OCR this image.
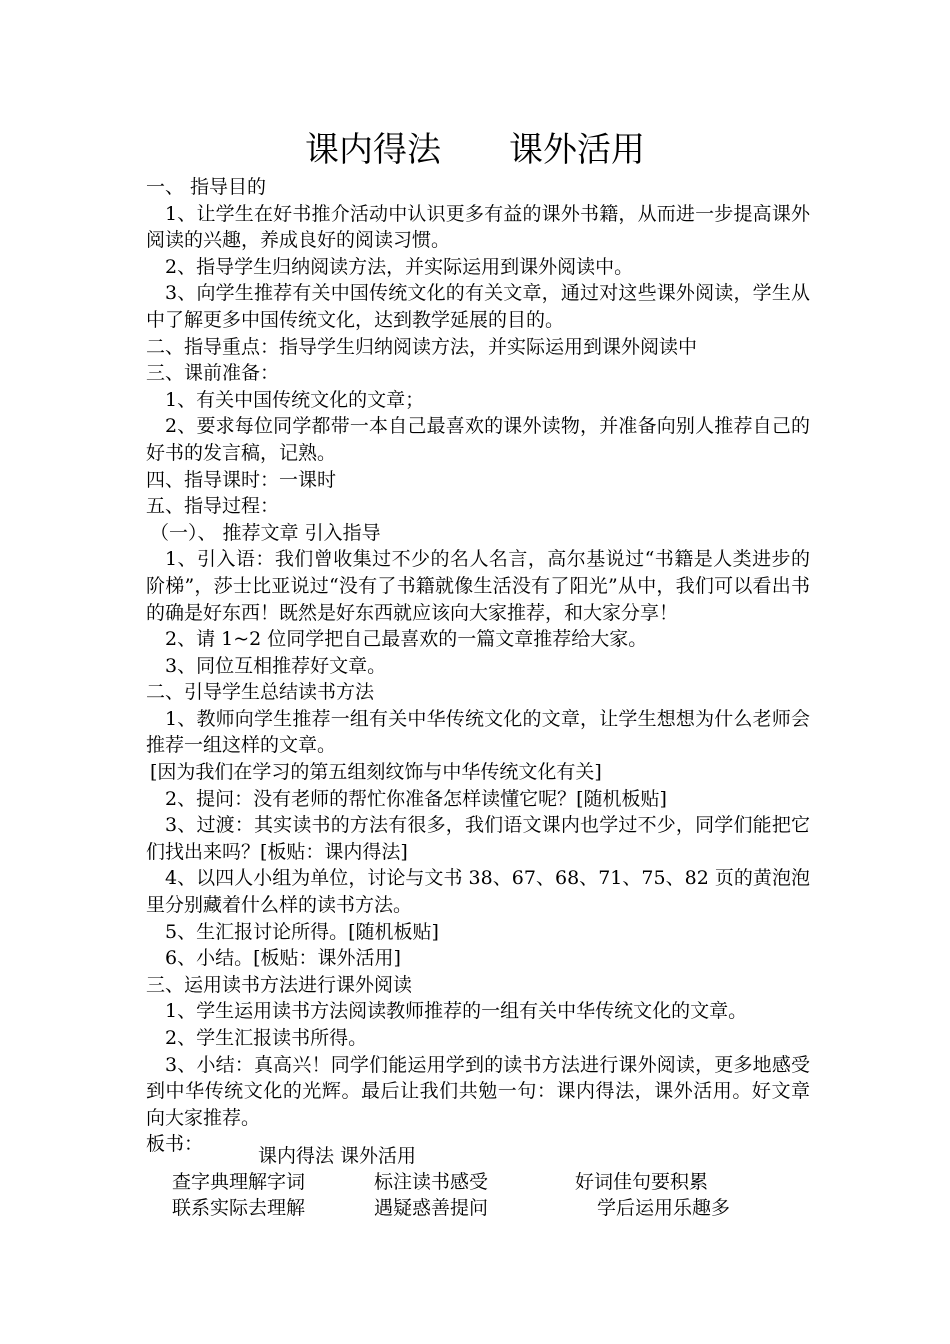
课内得法　　课外活用

一、 指导目的

1、让学生在好书推介活动中认识更多有益的课外书籍，从而进一步提高课外阅读的兴趣，养成良好的阅读习惯。

2、指导学生归纳阅读方法，并实际运用到课外阅读中。

3、向学生推荐有关中国传统文化的有关文章，通过对这些课外阅读，学生从中了解更多中国传统文化，达到教学延展的目的。

二、指导重点：指导学生归纳阅读方法，并实际运用到课外阅读中

三、课前准备：

1、有关中国传统文化的文章；

2、要求每位同学都带一本自己最喜欢的课外读物，并准备向别人推荐自己的好书的发言稿，记熟。

四、指导课时：一课时

五、指导过程：

（一）、 推荐文章 引入指导

1、引入语：我们曾收集过不少的名人名言，高尔基说过“书籍是人类进步的阶梯”，莎士比亚说过“没有了书籍就像生活没有了阳光”从中，我们可以看出书的确是好东西！既然是好东西就应该向大家推荐，和大家分享！

2、请 1~2 位同学把自己最喜欢的一篇文章推荐给大家。

3、同位互相推荐好文章。

二、引导学生总结读书方法

1、教师向学生推荐一组有关中华传统文化的文章，让学生想想为什么老师会推荐一组这样的文章。

[因为我们在学习的第五组刻纹饰与中华传统文化有关]

2、提问：没有老师的帮忙你准备怎样读懂它呢？[随机板贴]

3、过渡：其实读书的方法有很多，我们语文课内也学过不少，同学们能把它们找出来吗？[板贴：课内得法]

4、以四人小组为单位，讨论与文书 38、67、68、71、75、82 页的黄泡泡里分别藏着什么样的读书方法。

5、生汇报讨论所得。[随机板贴]

6、小结。[板贴：课外活用]

三、运用读书方法进行课外阅读

1、学生运用读书方法阅读教师推荐的一组有关中华传统文化的文章。

2、学生汇报读书所得。

3、小结：真高兴！同学们能运用学到的读书方法进行课外阅读，更多地感受到中华传统文化的光辉。最后让我们共勉一句：课内得法，课外活用。好文章向大家推荐。

板书：

课内得法 课外活用
查字典理解字词	标注读书感受	好词佳句要积累
联系实际去理解	遇疑惑善提问	学后运用乐趣多
